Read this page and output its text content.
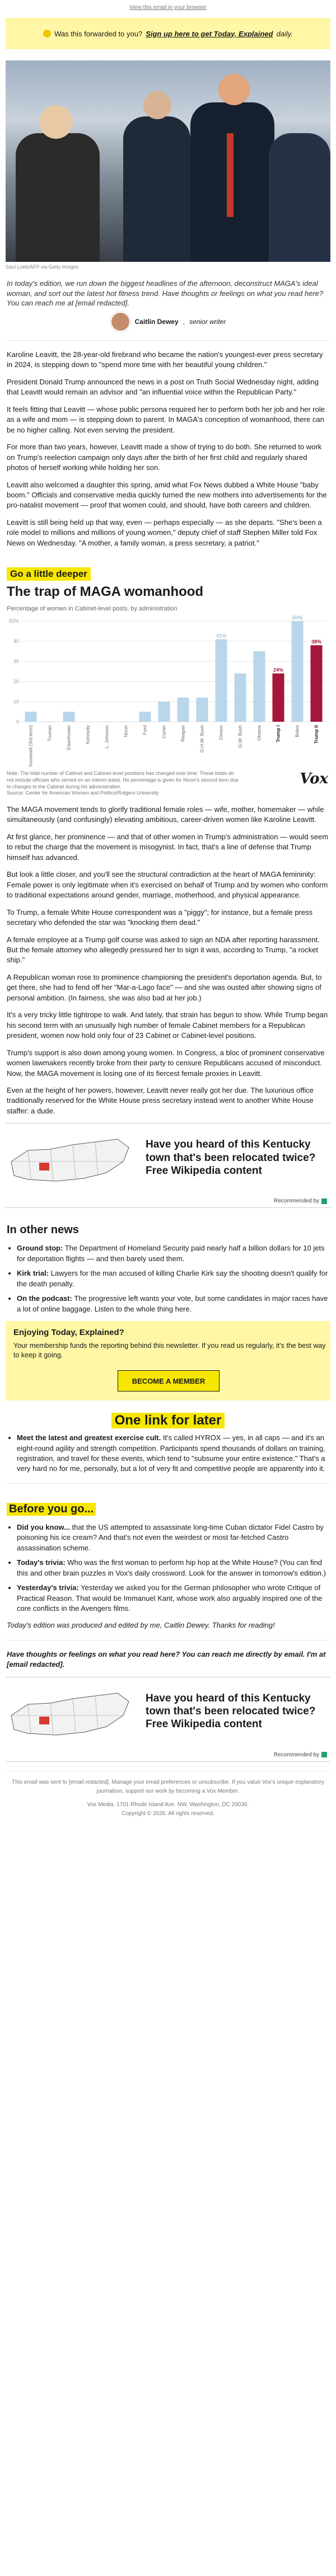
View this email in your browser
Was this forwarded to you? Sign up here to get Today, Explained daily.
Saul Loeb/AFP via Getty Images
In today's edition, we run down the biggest headlines of the afternoon, deconstruct MAGA's ideal woman, and sort out the latest hot fitness trend. Have thoughts or feelings on what you read here? You can reach me at [email redacted].
Caitlin Dewey , senior writer

Karoline Leavitt, the 28-year-old firebrand who became the nation's youngest-ever press secretary in 2024, is stepping down to "spend more time with her beautiful young children."

President Donald Trump announced the news in a post on Truth Social Wednesday night, adding that Leavitt would remain an advisor and "an influential voice within the Republican Party."

It feels fitting that Leavitt — whose public persona required her to perform both her job and her role as a wife and mom — is stepping down to parent. In MAGA's conception of womanhood, there can be no higher calling. Not even serving the president.

For more than two years, however, Leavitt made a show of trying to do both. She returned to work on Trump's reelection campaign only days after the birth of her first child and regularly shared photos of herself working while holding her son.

Leavitt also welcomed a daughter this spring, amid what Fox News dubbed a White House "baby boom." Officials and conservative media quickly turned the new mothers into advertisements for the pro-natalist movement — proof that women could, and should, have both careers and children.

Leavitt is still being held up that way, even — perhaps especially — as she departs. "She's been a role model to millions and millions of young women," deputy chief of staff Stephen Miller told Fox News on Wednesday. "A mother, a family woman, a press secretary, a patriot."

Go a little deeper
The trap of MAGA womanhood
Percentage of women in Cabinet-level posts, by administration
0
10
20
30
40
50%
F. Roosevelt (3rd term)	Truman	Eisenhower	Kennedy	L. Johnson	Nixon	Ford	Carter	Reagan	G.H.W. Bush
41%
Clinton	G.W. Bush	Obama
24%
Trump I
50%
Biden
38%
Trump II
Note: The total number of Cabinet and Cabinet-level positions has changed over time. These totals do not include officials who served on an interim basis. No percentage is given for Nixon's second term due to changes to the Cabinet during his administration.
Source: Center for American Women and Politics/Rutgers University
Vox

The MAGA movement tends to glorify traditional female roles — wife, mother, homemaker — while simultaneously (and confusingly) elevating ambitious, career-driven women like Karoline Leavitt.

At first glance, her prominence — and that of other women in Trump's administration — would seem to rebut the charge that the movement is misogynist. In fact, that's a line of defense that Trump himself has advanced.

But look a little closer, and you'll see the structural contradiction at the heart of MAGA femininity: Female power is only legitimate when it's exercised on behalf of Trump and by women who conform to traditional expectations around gender, marriage, motherhood, and physical appearance.

To Trump, a female White House correspondent was a "piggy"; for instance, but a female press secretary who defended the star was "knocking them dead."

A female employee at a Trump golf course was asked to sign an NDA after reporting harassment. But the female attorney who allegedly pressured her to sign it was, according to Trump, "a rocket ship."

A Republican woman rose to prominence championing the president's deportation agenda. But, to get there, she had to fend off her "Mar-a-Lago face" — and she was ousted after showing signs of personal ambition. (In fairness, she was also bad at her job.)

It's a very tricky little tightrope to walk. And lately, that strain has begun to show. While Trump began his second term with an unusually high number of female Cabinet members for a Republican president, women now hold only four of 23 Cabinet or Cabinet-level positions.

Trump's support is also down among young women. In Congress, a bloc of prominent conservative women lawmakers recently broke from their party to censure Republicans accused of misconduct. Now, the MAGA movement is losing one of its fiercest female proxies in Leavitt.

Even at the height of her powers, however, Leavitt never really got her due. The luxurious office traditionally reserved for the White House press secretary instead went to another White House staffer: a dude.

Have you heard of this Kentucky town that's been relocated twice? Free Wikipedia content
Recommended by
In other news
• Ground stop: The Department of Homeland Security paid nearly half a billion dollars for 10 jets for deportation flights — and then barely used them.
• Kirk trial: Lawyers for the man accused of killing Charlie Kirk say the shooting doesn't qualify for the death penalty.
• On the podcast: The progressive left wants your vote, but some candidates in major races have a lot of online baggage. Listen to the whole thing here.
Enjoying Today, Explained?
Your membership funds the reporting behind this newsletter. If you read us regularly, it's the best way to keep it going.
BECOME A MEMBER
One link for later
• Meet the latest and greatest exercise cult. It's called HYROX — yes, in all caps — and it's an eight-round agility and strength competition. Participants spend thousands of dollars on training, registration, and travel for these events, which tend to "subsume your entire existence." That's a very hard no for me, personally, but a lot of very fit and competitive people are apparently into it.
Before you go...
• Did you know... that the US attempted to assassinate long-time Cuban dictator Fidel Castro by poisoning his ice cream? And that's not even the weirdest or most far-fetched Castro assassination scheme.
• Today's trivia: Who was the first woman to perform hip hop at the White House? (You can find this and other brain puzzles in Vox's daily crossword. Look for the answer in tomorrow's edition.)
• Yesterday's trivia: Yesterday we asked you for the German philosopher who wrote Critique of Practical Reason. That would be Immanuel Kant, whose work also arguably inspired one of the core conflicts in the Avengers films.

Today's edition was produced and edited by me, Caitlin Dewey. Thanks for reading!

Have thoughts or feelings on what you read here? You can reach me directly by email. I'm at [email redacted].

Have you heard of this Kentucky town that's been relocated twice? Free Wikipedia content
Recommended by
This email was sent to [email redacted]. Manage your email preferences or unsubscribe. If you value Vox's unique explanatory journalism, support our work by becoming a Vox Member.
Vox Media, 1701 Rhode Island Ave. NW, Washington, DC 20036.
Copyright © 2026. All rights reserved.
